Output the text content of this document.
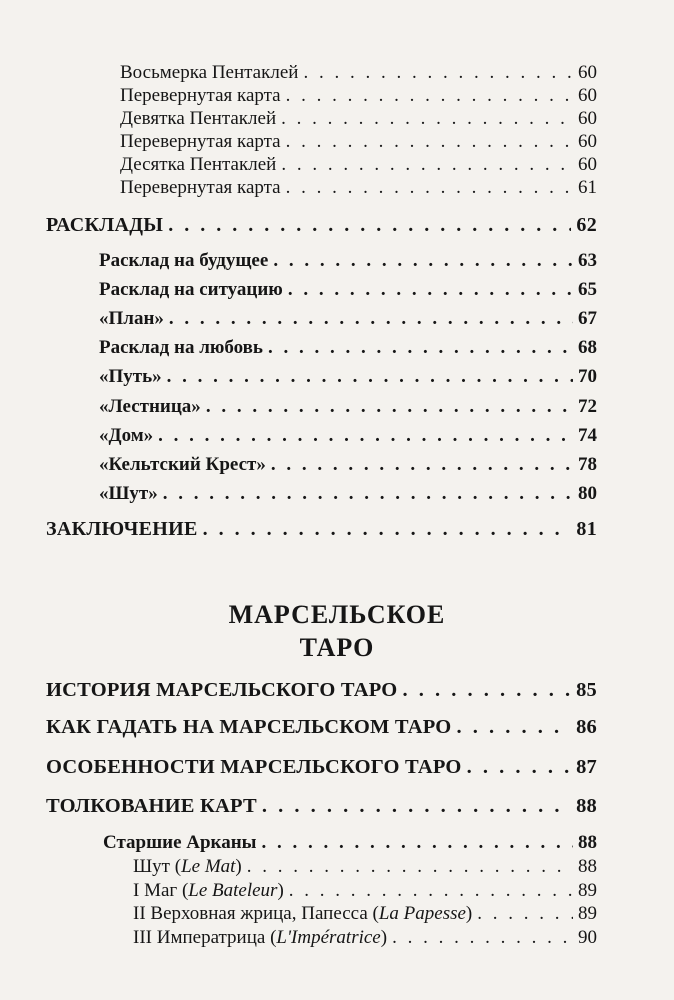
Восьмерка Пентаклей . . .	60
Перевернутая карта . . .	60
Девятка Пентаклей . . .	60
Перевернутая карта . . .	60
Десятка Пентаклей . . .	60
Перевернутая карта . . .	61
РАСКЛАДЫ . . .	62
Расклад на будущее . . .	63
Расклад на ситуацию . . .	65
«План» . . .	67
Расклад на любовь . . .	68
«Путь» . . .	70
«Лестница» . . .	72
«Дом» . . .	74
«Кельтский Крест» . . .	78
«Шут» . . .	80
ЗАКЛЮЧЕНИЕ . . .	81
МАРСЕЛЬСКОЕ
ТАРО
ИСТОРИЯ МАРСЕЛЬСКОГО ТАРО . . .	85
КАК ГАДАТЬ НА МАРСЕЛЬСКОМ ТАРО . . .	86
ОСОБЕННОСТИ МАРСЕЛЬСКОГО ТАРО . . .	87
ТОЛКОВАНИЕ КАРТ . . .	88
Старшие Арканы . . .	88
Шут (Le Mat) . . .	88
I Маг (Le Bateleur) . . .	89
II Верховная жрица, Папесса (La Papesse) . . .	89
III Императрица (L'Impératrice) . . .	90
